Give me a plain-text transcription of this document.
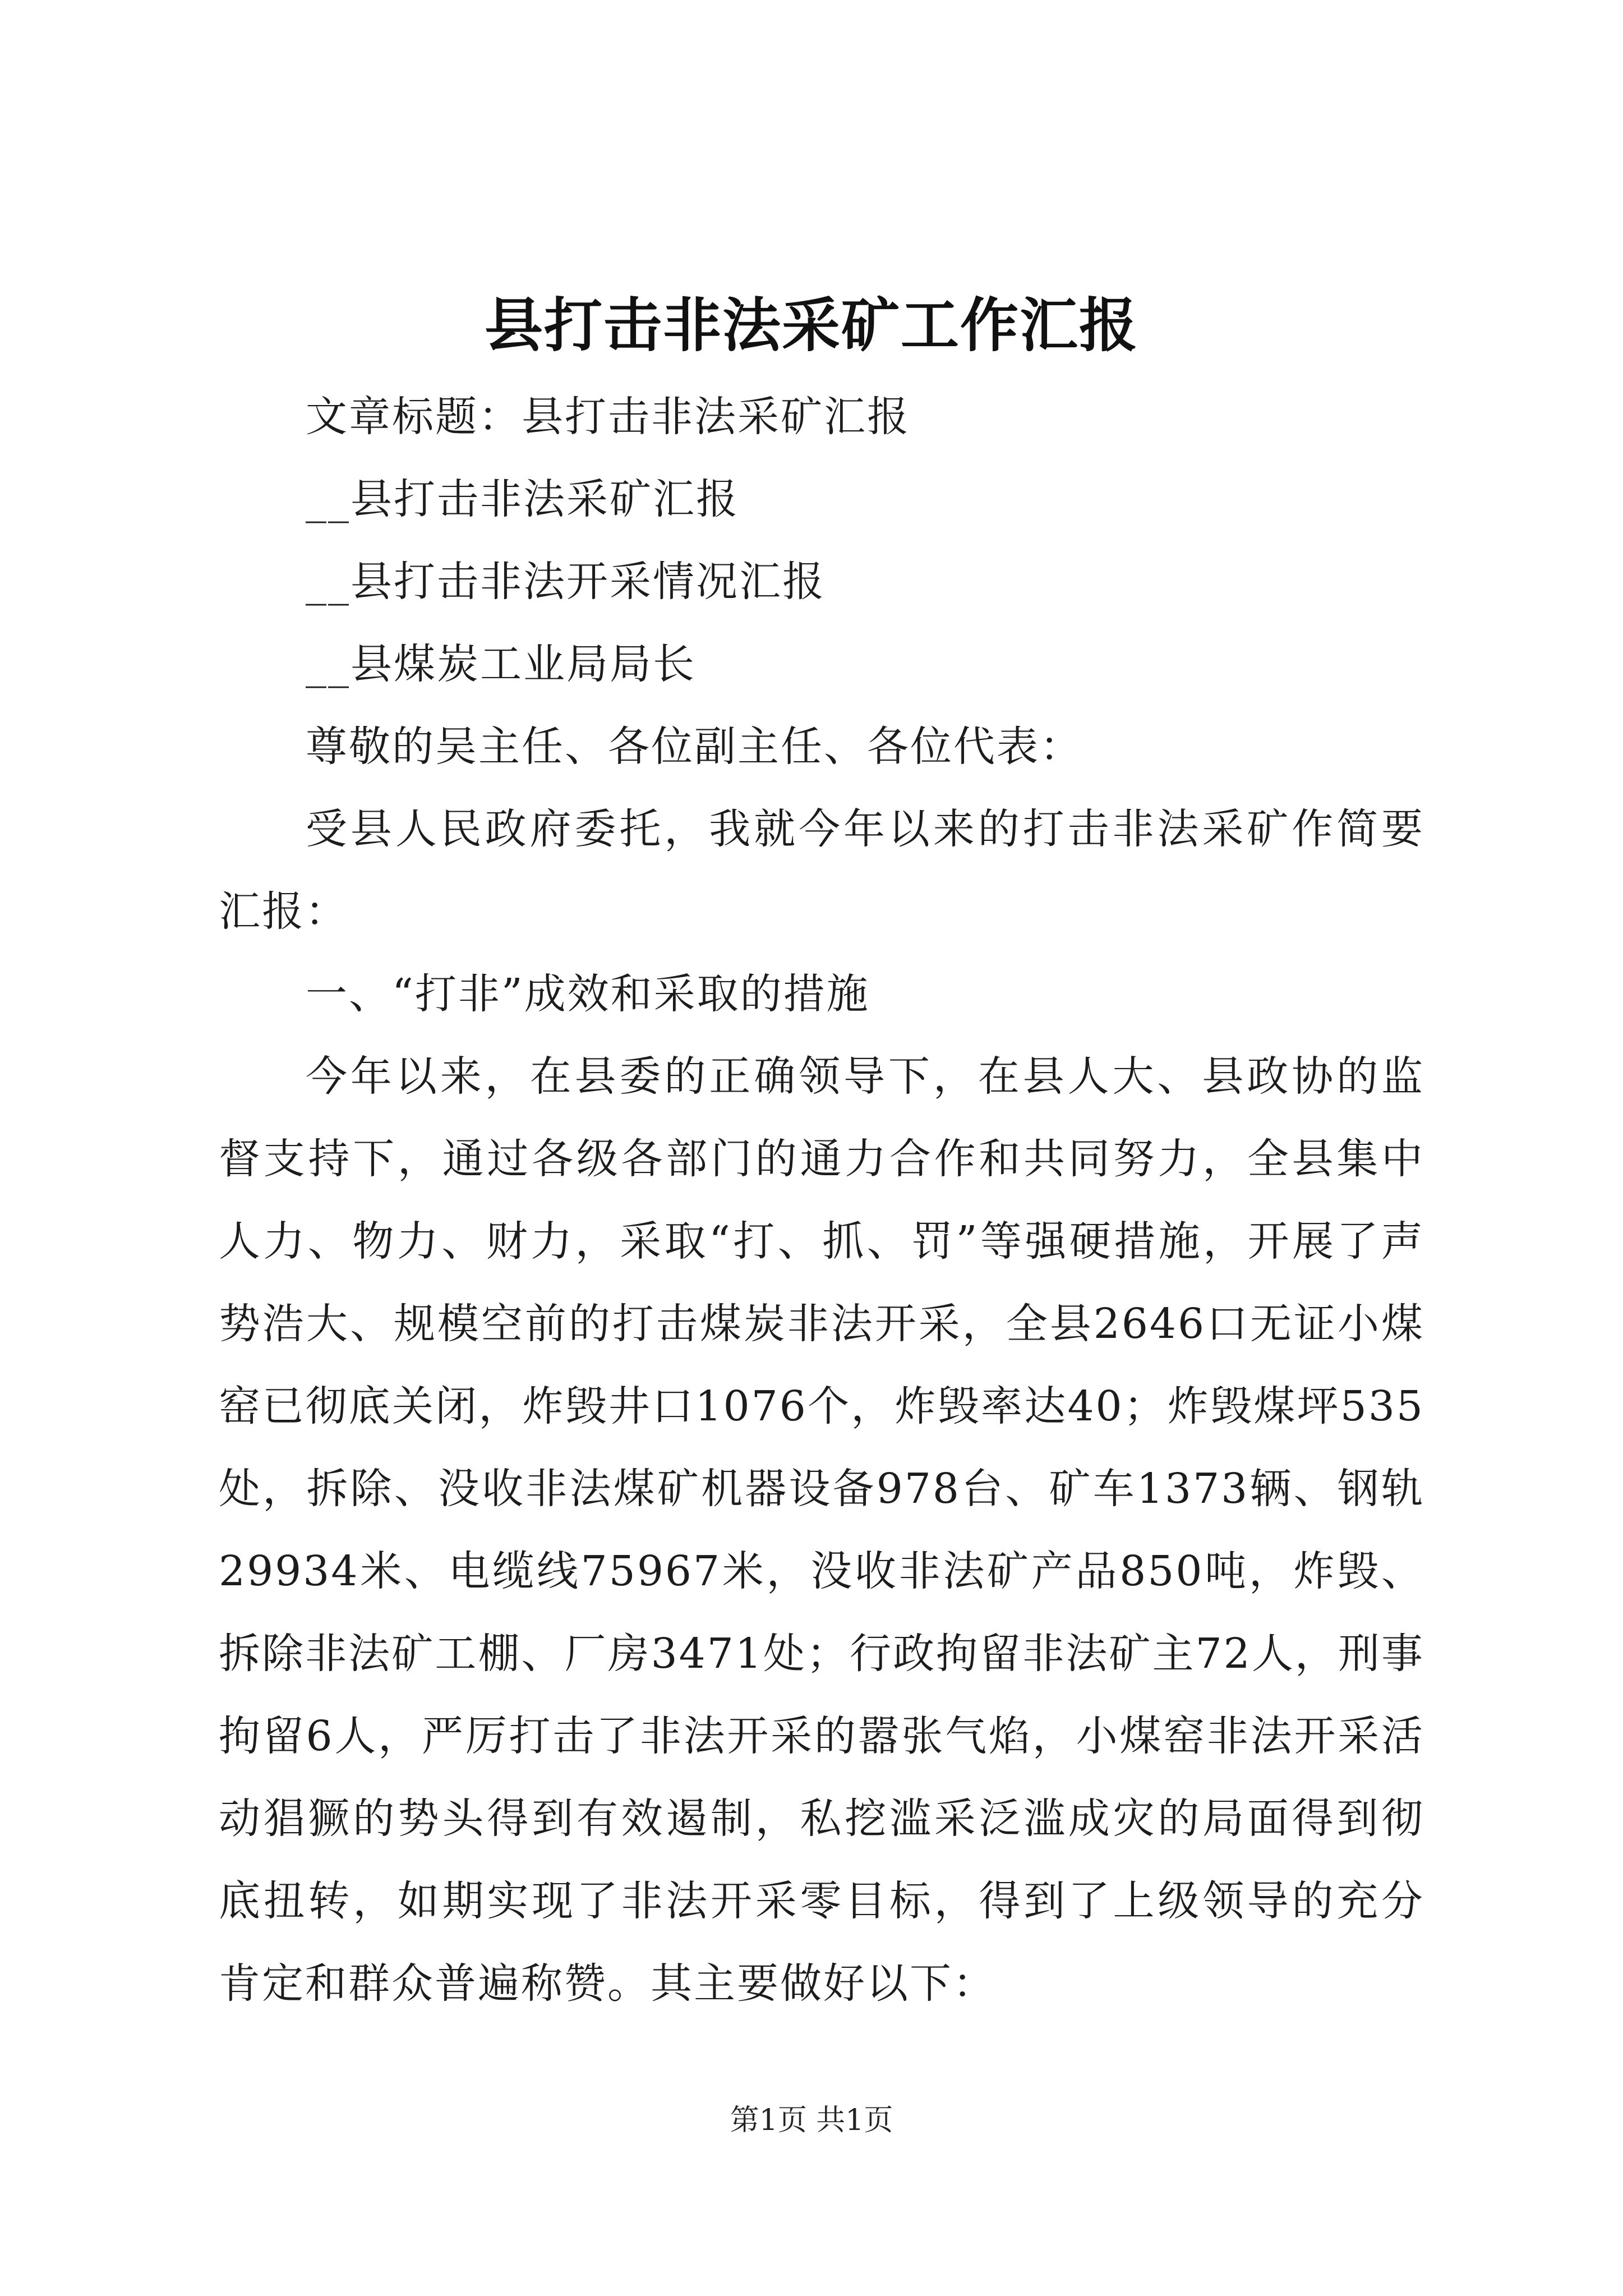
县打击非法采矿工作汇报

文章标题：县打击非法采矿汇报

__县打击非法采矿汇报

__县打击非法开采情况汇报

__县煤炭工业局局长

尊敬的吴主任、各位副主任、各位代表：

受县人民政府委托，我就今年以来的打击非法采矿作简要汇报：

一、“打非”成效和采取的措施

今年以来，在县委的正确领导下，在县人大、县政协的监督支持下，通过各级各部门的通力合作和共同努力，全县集中人力、物力、财力，采取“打、抓、罚”等强硬措施，开展了声势浩大、规模空前的打击煤炭非法开采，全县2646口无证小煤窑已彻底关闭，炸毁井口1076个，炸毁率达40；炸毁煤坪535处，拆除、没收非法煤矿机器设备978台、矿车1373辆、钢轨29934米、电缆线75967米，没收非法矿产品850吨，炸毁、拆除非法矿工棚、厂房3471处；行政拘留非法矿主72人，刑事拘留6人，严厉打击了非法开采的嚣张气焰，小煤窑非法开采活动猖獗的势头得到有效遏制，私挖滥采泛滥成灾的局面得到彻底扭转，如期实现了非法开采零目标，得到了上级领导的充分肯定和群众普遍称赞。其主要做好以下：

第1页 共1页
